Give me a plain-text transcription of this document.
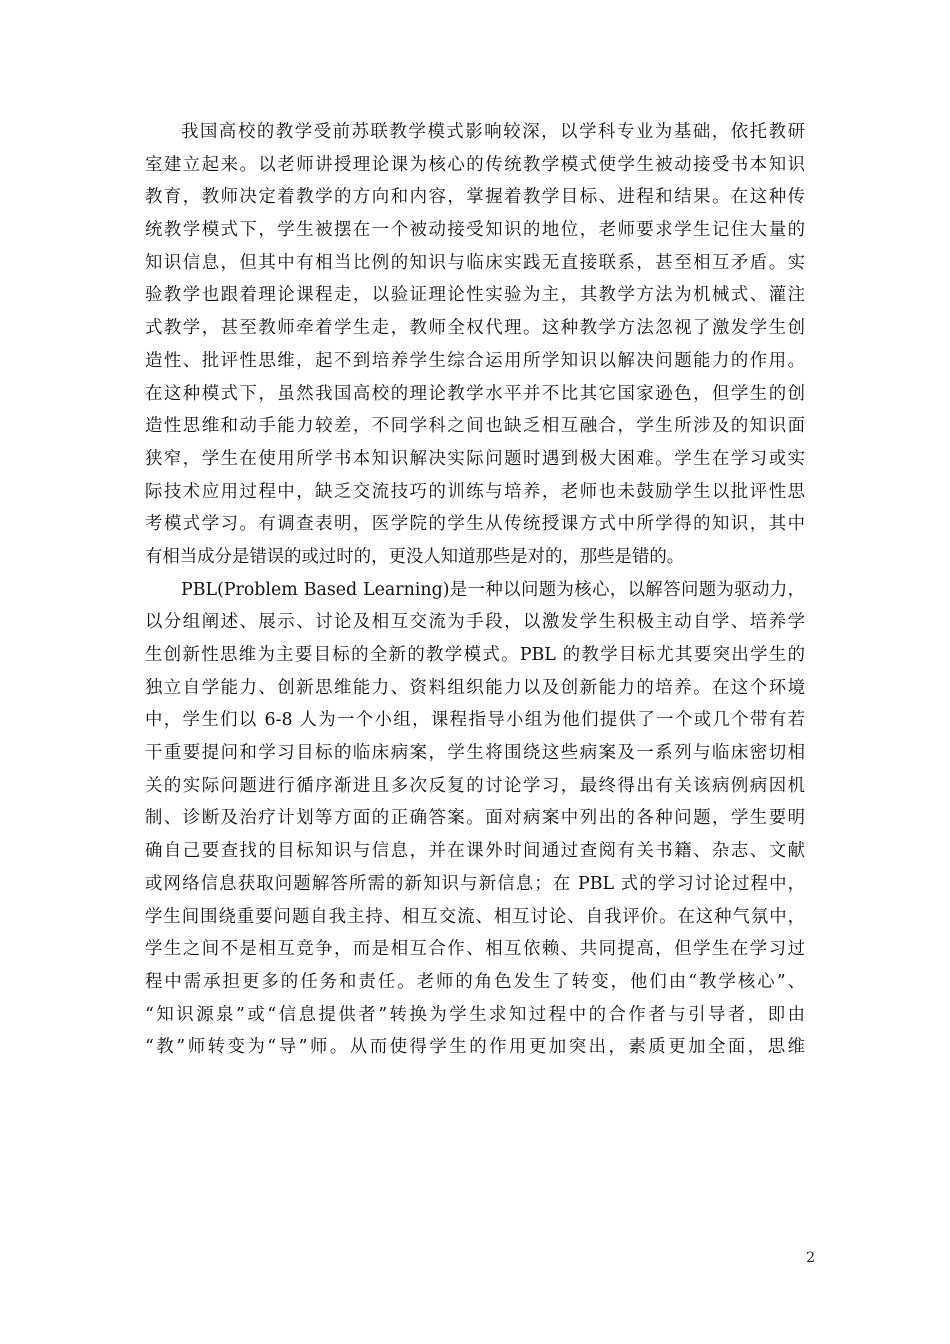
我国高校的教学受前苏联教学模式影响较深，以学科专业为基础，依托教研
室建立起来。以老师讲授理论课为核心的传统教学模式使学生被动接受书本知识
教育，教师决定着教学的方向和内容，掌握着教学目标、进程和结果。在这种传
统教学模式下，学生被摆在一个被动接受知识的地位，老师要求学生记住大量的
知识信息，但其中有相当比例的知识与临床实践无直接联系，甚至相互矛盾。实
验教学也跟着理论课程走，以验证理论性实验为主，其教学方法为机械式、灌注
式教学，甚至教师牵着学生走，教师全权代理。这种教学方法忽视了激发学生创
造性、批评性思维，起不到培养学生综合运用所学知识以解决问题能力的作用。
在这种模式下，虽然我国高校的理论教学水平并不比其它国家逊色，但学生的创
造性思维和动手能力较差，不同学科之间也缺乏相互融合，学生所涉及的知识面
狭窄，学生在使用所学书本知识解决实际问题时遇到极大困难。学生在学习或实
际技术应用过程中，缺乏交流技巧的训练与培养，老师也未鼓励学生以批评性思
考模式学习。有调查表明，医学院的学生从传统授课方式中所学得的知识，其中
有相当成分是错误的或过时的，更没人知道那些是对的，那些是错的。

PBL(Problem Based Learning)是一种以问题为核心，以解答问题为驱动力，
以分组阐述、展示、讨论及相互交流为手段，以激发学生积极主动自学、培养学
生创新性思维为主要目标的全新的教学模式。PBL 的教学目标尤其要突出学生的
独立自学能力、创新思维能力、资料组织能力以及创新能力的培养。在这个环境
中，学生们以 6-8 人为一个小组，课程指导小组为他们提供了一个或几个带有若
干重要提问和学习目标的临床病案，学生将围绕这些病案及一系列与临床密切相
关的实际问题进行循序渐进且多次反复的讨论学习，最终得出有关该病例病因机
制、诊断及治疗计划等方面的正确答案。面对病案中列出的各种问题，学生要明
确自己要查找的目标知识与信息，并在课外时间通过查阅有关书籍、杂志、文献
或网络信息获取问题解答所需的新知识与新信息；在 PBL 式的学习讨论过程中，
学生间围绕重要问题自我主持、相互交流、相互讨论、自我评价。在这种气氛中，
学生之间不是相互竞争，而是相互合作、相互依赖、共同提高，但学生在学习过
程中需承担更多的任务和责任。老师的角色发生了转变，他们由“教学核心”、
“知识源泉”或“信息提供者”转换为学生求知过程中的合作者与引导者，即由
“教”师转变为“导”师。从而使得学生的作用更加突出，素质更加全面，思维

2
